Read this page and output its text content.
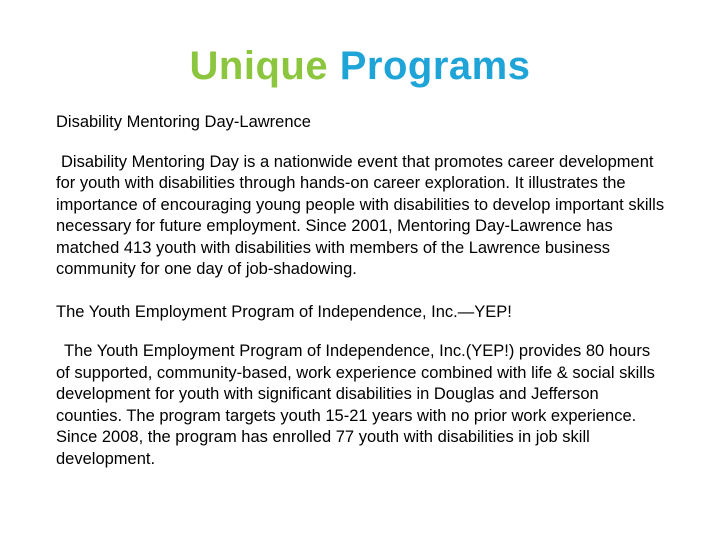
Unique Programs

Disability Mentoring Day-Lawrence

Disability Mentoring Day is a nationwide event that promotes career development for youth with disabilities through hands-on career exploration. It illustrates the importance of encouraging young people with disabilities to develop important skills necessary for future employment. Since 2001, Mentoring Day-Lawrence has matched 413 youth with disabilities with members of the Lawrence business community for one day of job-shadowing.

The Youth Employment Program of Independence, Inc.—YEP!

The Youth Employment Program of Independence, Inc.(YEP!) provides 80 hours of supported, community-based, work experience combined with life & social skills development for youth with significant disabilities in Douglas and Jefferson counties. The program targets youth 15-21 years with no prior work experience. Since 2008, the program has enrolled 77 youth with disabilities in job skill development.
